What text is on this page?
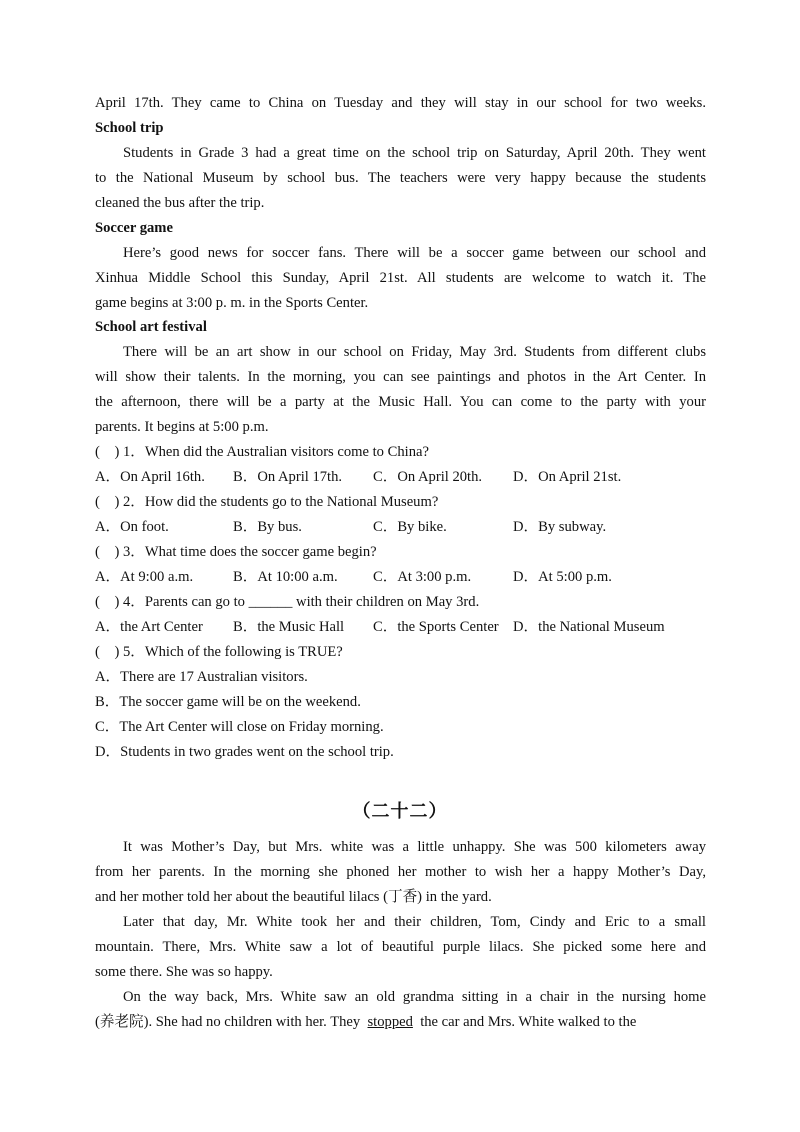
April 17th. They came to China on Tuesday and they will stay in our school for two weeks.
School trip
Students in Grade 3 had a great time on the school trip on Saturday, April 20th. They went
to the National Museum by school bus. The teachers were very happy because the students
cleaned the bus after the trip.
Soccer game
Here’s good news for soccer fans. There will be a soccer game between our school and
Xinhua Middle School this Sunday, April 21st. All students are welcome to watch it. The
game begins at 3:00 p. m. in the Sports Center.
School art festival
There will be an art show in our school on Friday, May 3rd. Students from different clubs
will show their talents. In the morning, you can see paintings and photos in the Art Center. In
the afternoon, there will be a party at the Music Hall. You can come to the party with your
parents. It begins at 5:00 p.m.
(    ) 1．When did the Australian visitors come to China?
A．On April 16th. B．On April 17th. C．On April 20th. D．On April 21st.
(    ) 2．How did the students go to the National Museum?
A．On foot.	B．By bus.	C．By bike.	D．By subway.
(    ) 3．What time does the soccer game begin?
A．At 9:00 a.m.	B．At 10:00 a.m. C．At 3:00 p.m.	D．At 5:00 p.m.
(    ) 4．Parents can go to ______ with their children on May 3rd.
A．the Art Center B．the Music Hall C．the Sports Center D．the National Museum
(    ) 5．Which of the following is TRUE?
A．There are 17 Australian visitors.
B．The soccer game will be on the weekend.
C．The Art Center will close on Friday morning.
D．Students in two grades went on the school trip.
（二十二）
It was Mother’s Day, but Mrs. white was a little unhappy. She was 500 kilometers away
from her parents. In the morning she phoned her mother to wish her a happy Mother’s Day,
and her mother told her about the beautiful lilacs (丁香) in the yard.
Later that day, Mr. White took her and their children, Tom, Cindy and Eric to a small
mountain. There, Mrs. White saw a lot of beautiful purple lilacs. She picked some here and
some there. She was so happy.
On the way back, Mrs. White saw an old grandma sitting in a chair in the nursing home
(养老院). She had no children with her. They stopped the car and Mrs. White walked to the
